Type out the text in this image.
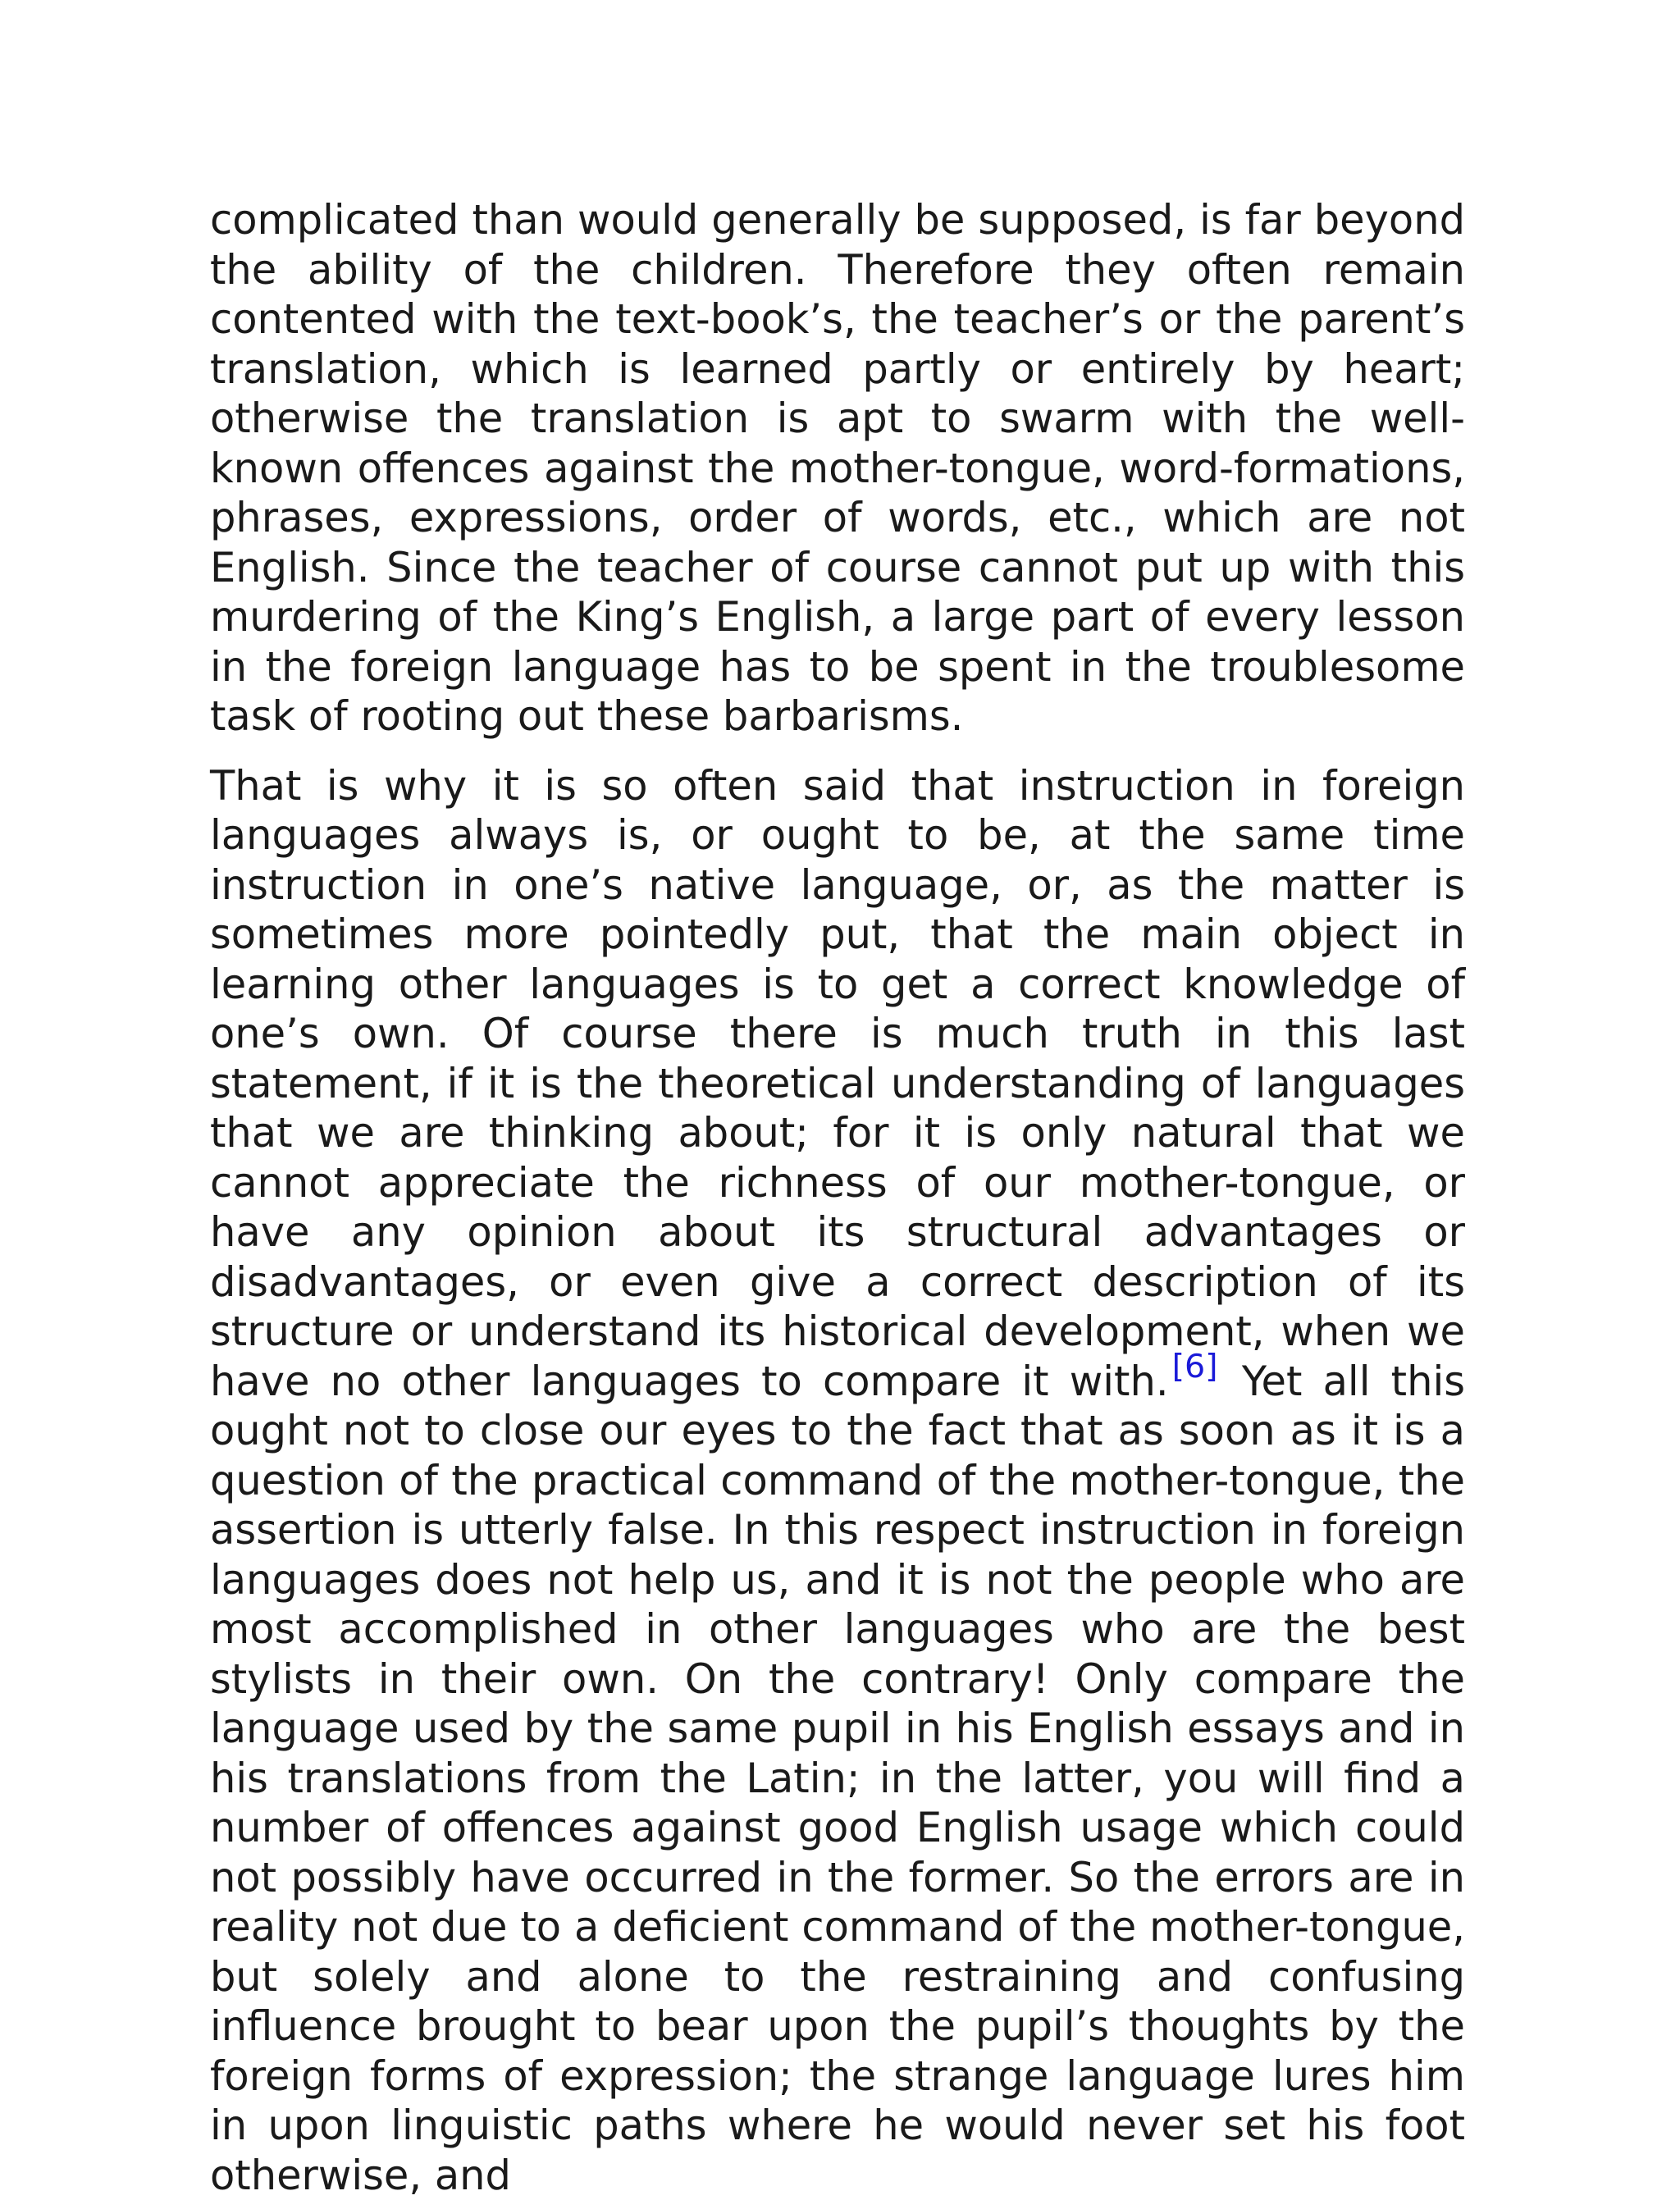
complicated than would generally be supposed, is far beyond the ability of the children. Therefore they often remain contented with the text-book’s, the teacher’s or the parent’s translation, which is learned partly or entirely by heart; otherwise the translation is apt to swarm with the well-known offences against the mother-tongue, word-formations, phrases, expressions, order of words, etc., which are not English. Since the teacher of course cannot put up with this murdering of the King’s English, a large part of every lesson in the foreign language has to be spent in the troublesome task of rooting out these barbarisms.

That is why it is so often said that instruction in foreign languages always is, or ought to be, at the same time instruction in one’s native language, or, as the matter is sometimes more pointedly put, that the main object in learning other languages is to get a correct knowledge of one’s own. Of course there is much truth in this last statement, if it is the theoretical understanding of languages that we are thinking about; for it is only natural that we cannot appreciate the richness of our mother-tongue, or have any opinion about its structural advantages or disadvantages, or even give a correct description of its structure or understand its historical development, when we have no other languages to compare it with. [6] Yet all this ought not to close our eyes to the fact that as soon as it is a question of the practical command of the mother-tongue, the assertion is utterly false. In this respect instruction in foreign languages does not help us, and it is not the people who are most accomplished in other languages who are the best stylists in their own. On the contrary! Only compare the language used by the same pupil in his English essays and in his translations from the Latin; in the latter, you will find a number of offences against good English usage which could not possibly have occurred in the former. So the errors are in reality not due to a deficient command of the mother-tongue, but solely and alone to the restraining and confusing influence brought to bear upon the pupil’s thoughts by the foreign forms of expression; the strange language lures him in upon linguistic paths where he would never set his foot otherwise, and
